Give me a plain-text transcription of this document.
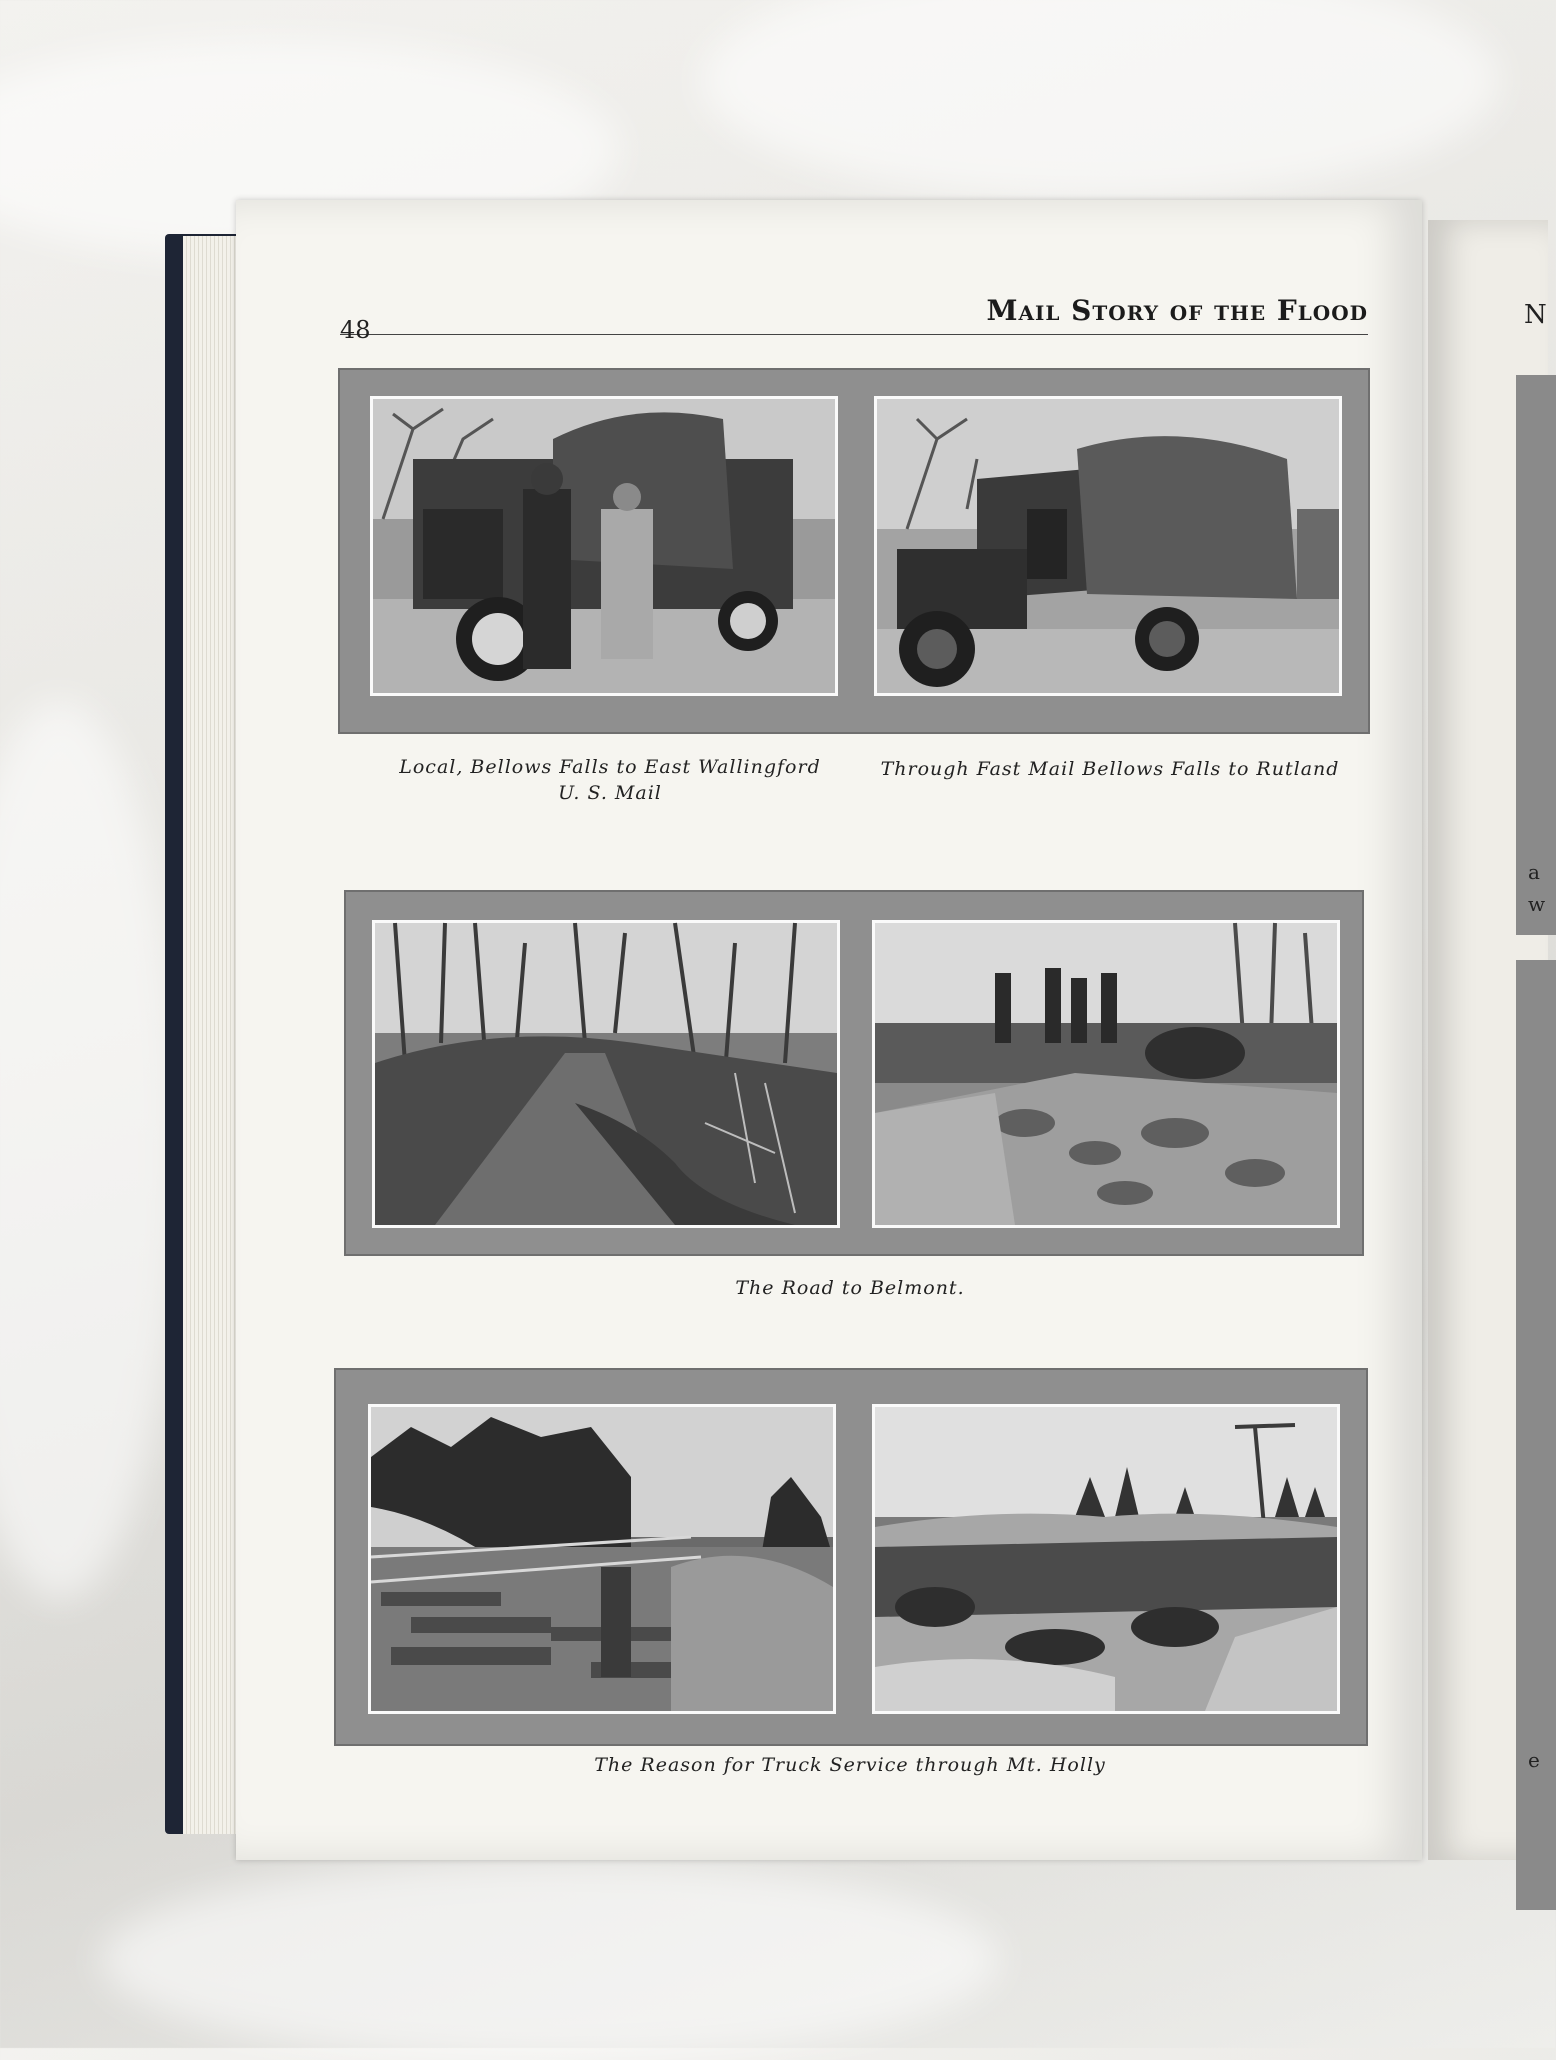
N
a
w
e
48
Mail Story of the Flood
Local, Bellows Falls to East Wallingford
U. S. Mail
Through Fast Mail Bellows Falls to Rutland
The Road to Belmont.
The Reason for Truck Service through Mt. Holly
